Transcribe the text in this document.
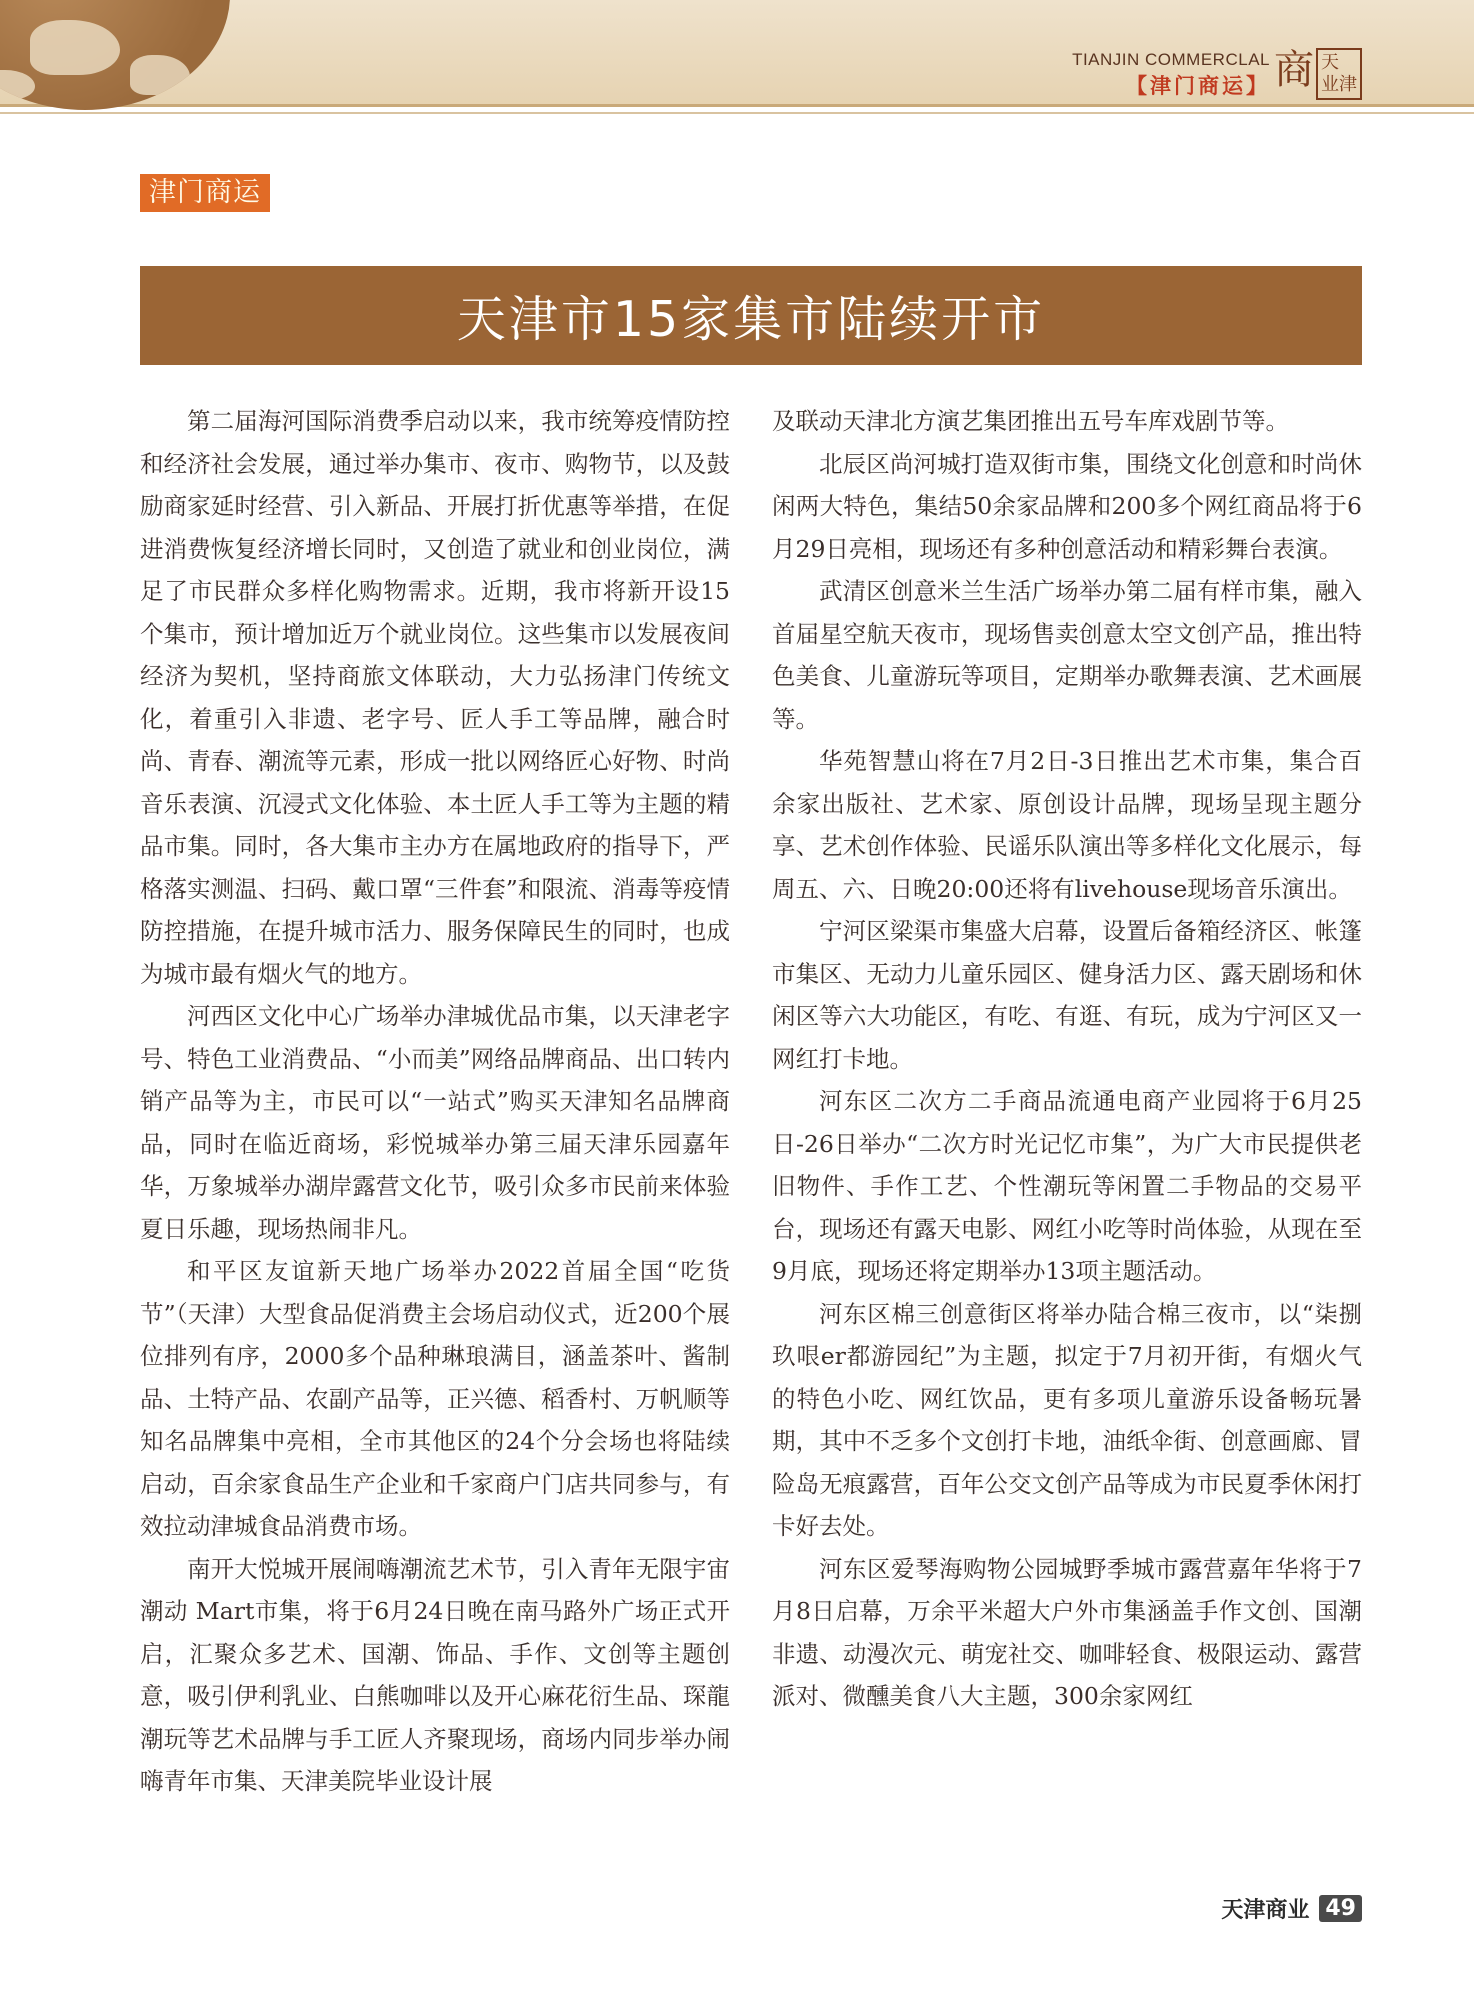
TIANJIN COMMERCLAL
【津门商运】 商 天
业津
津门商运
天津市15家集市陆续开市

第二届海河国际消费季启动以来，我市统筹疫情防控和经济社会发展，通过举办集市、夜市、购物节，以及鼓励商家延时经营、引入新品、开展打折优惠等举措，在促进消费恢复经济增长同时，又创造了就业和创业岗位，满足了市民群众多样化购物需求。近期，我市将新开设15个集市，预计增加近万个就业岗位。这些集市以发展夜间经济为契机，坚持商旅文体联动，大力弘扬津门传统文化，着重引入非遗、老字号、匠人手工等品牌，融合时尚、青春、潮流等元素，形成一批以网络匠心好物、时尚音乐表演、沉浸式文化体验、本土匠人手工等为主题的精品市集。同时，各大集市主办方在属地政府的指导下，严格落实测温、扫码、戴口罩“三件套”和限流、消毒等疫情防控措施，在提升城市活力、服务保障民生的同时，也成为城市最有烟火气的地方。

河西区文化中心广场举办津城优品市集，以天津老字号、特色工业消费品、“小而美”网络品牌商品、出口转内销产品等为主，市民可以“一站式”购买天津知名品牌商品，同时在临近商场，彩悦城举办第三届天津乐园嘉年华，万象城举办湖岸露营文化节，吸引众多市民前来体验夏日乐趣，现场热闹非凡。

和平区友谊新天地广场举办2022首届全国“吃货节”（天津）大型食品促消费主会场启动仪式，近200个展位排列有序，2000多个品种琳琅满目，涵盖茶叶、酱制品、土特产品、农副产品等，正兴德、稻香村、万帆顺等知名品牌集中亮相，全市其他区的24个分会场也将陆续启动，百余家食品生产企业和千家商户门店共同参与，有效拉动津城食品消费市场。

南开大悦城开展闹嗨潮流艺术节，引入青年无限宇宙潮动 Mart市集，将于6月24日晚在南马路外广场正式开启，汇聚众多艺术、国潮、饰品、手作、文创等主题创意，吸引伊利乳业、白熊咖啡以及开心麻花衍生品、琛龍潮玩等艺术品牌与手工匠人齐聚现场，商场内同步举办闹嗨青年市集、天津美院毕业设计展

及联动天津北方演艺集团推出五号车库戏剧节等。

北辰区尚河城打造双街市集，围绕文化创意和时尚休闲两大特色，集结50余家品牌和200多个网红商品将于6月29日亮相，现场还有多种创意活动和精彩舞台表演。

武清区创意米兰生活广场举办第二届有样市集，融入首届星空航天夜市，现场售卖创意太空文创产品，推出特色美食、儿童游玩等项目，定期举办歌舞表演、艺术画展等。

华苑智慧山将在7月2日-3日推出艺术市集，集合百余家出版社、艺术家、原创设计品牌，现场呈现主题分享、艺术创作体验、民谣乐队演出等多样化文化展示，每周五、六、日晚20:00还将有livehouse现场音乐演出。

宁河区梁渠市集盛大启幕，设置后备箱经济区、帐篷市集区、无动力儿童乐园区、健身活力区、露天剧场和休闲区等六大功能区，有吃、有逛、有玩，成为宁河区又一网红打卡地。

河东区二次方二手商品流通电商产业园将于6月25日-26日举办“二次方时光记忆市集”，为广大市民提供老旧物件、手作工艺、个性潮玩等闲置二手物品的交易平台，现场还有露天电影、网红小吃等时尚体验，从现在至9月底，现场还将定期举办13项主题活动。

河东区棉三创意街区将举办陆合棉三夜市，以“柒捌玖哏er都游园纪”为主题，拟定于7月初开街，有烟火气的特色小吃、网红饮品，更有多项儿童游乐设备畅玩暑期，其中不乏多个文创打卡地，油纸伞街、创意画廊、冒险岛无痕露营，百年公交文创产品等成为市民夏季休闲打卡好去处。

河东区爱琴海购物公园城野季城市露营嘉年华将于7月8日启幕，万余平米超大户外市集涵盖手作文创、国潮非遗、动漫次元、萌宠社交、咖啡轻食、极限运动、露营派对、微醺美食八大主题，300余家网红

天津商业 49
